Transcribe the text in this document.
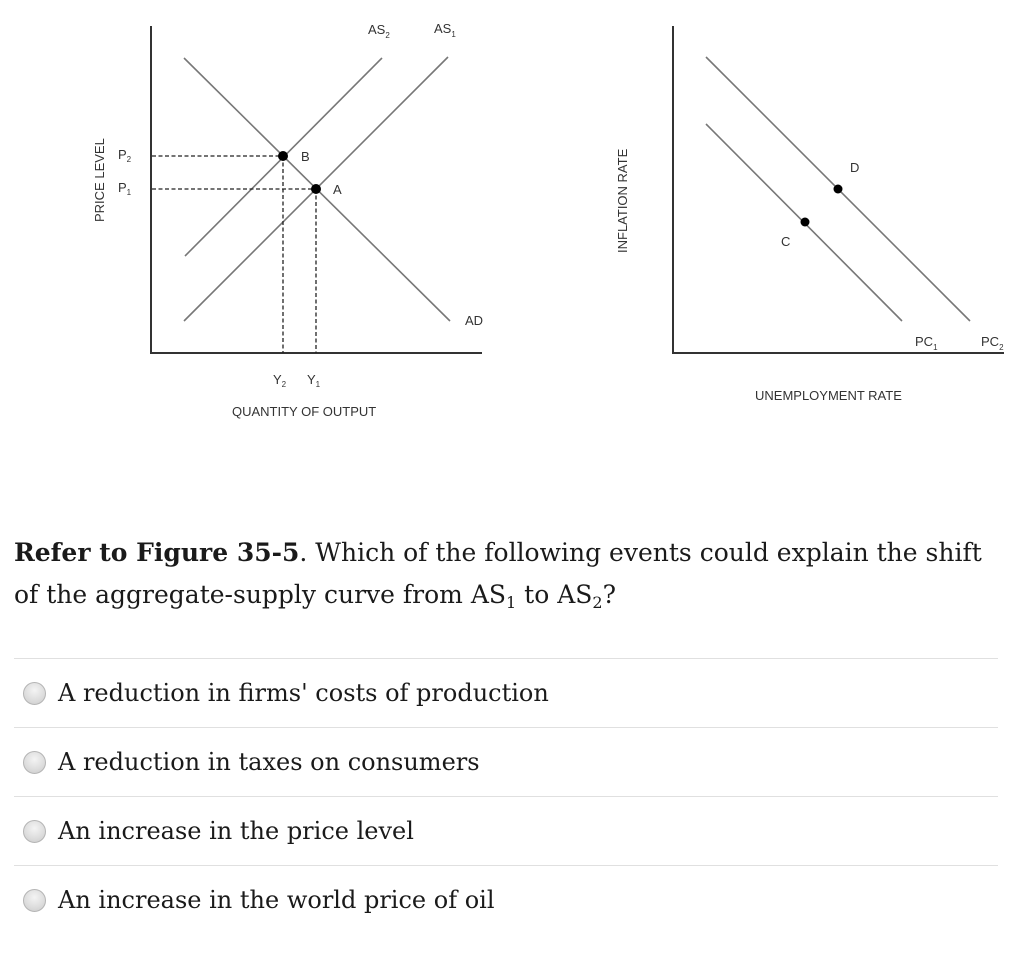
B
A
$AS_2$	$AS_1$
AD
$P_2$
$P_1$
PRICE LEVEL
$Y_2$ $Y_1$
QUANTITY OF OUTPUT
C
D
$PC_1$	$PC_2$
INFLATION RATE
UNEMPLOYMENT RATE
Refer to Figure 35-5. Which of the following events could explain the shift of the aggregate-supply curve from $AS_1$ to $AS_2$?
A reduction in firms' costs of production
A reduction in taxes on consumers
An increase in the price level
An increase in the world price of oil
